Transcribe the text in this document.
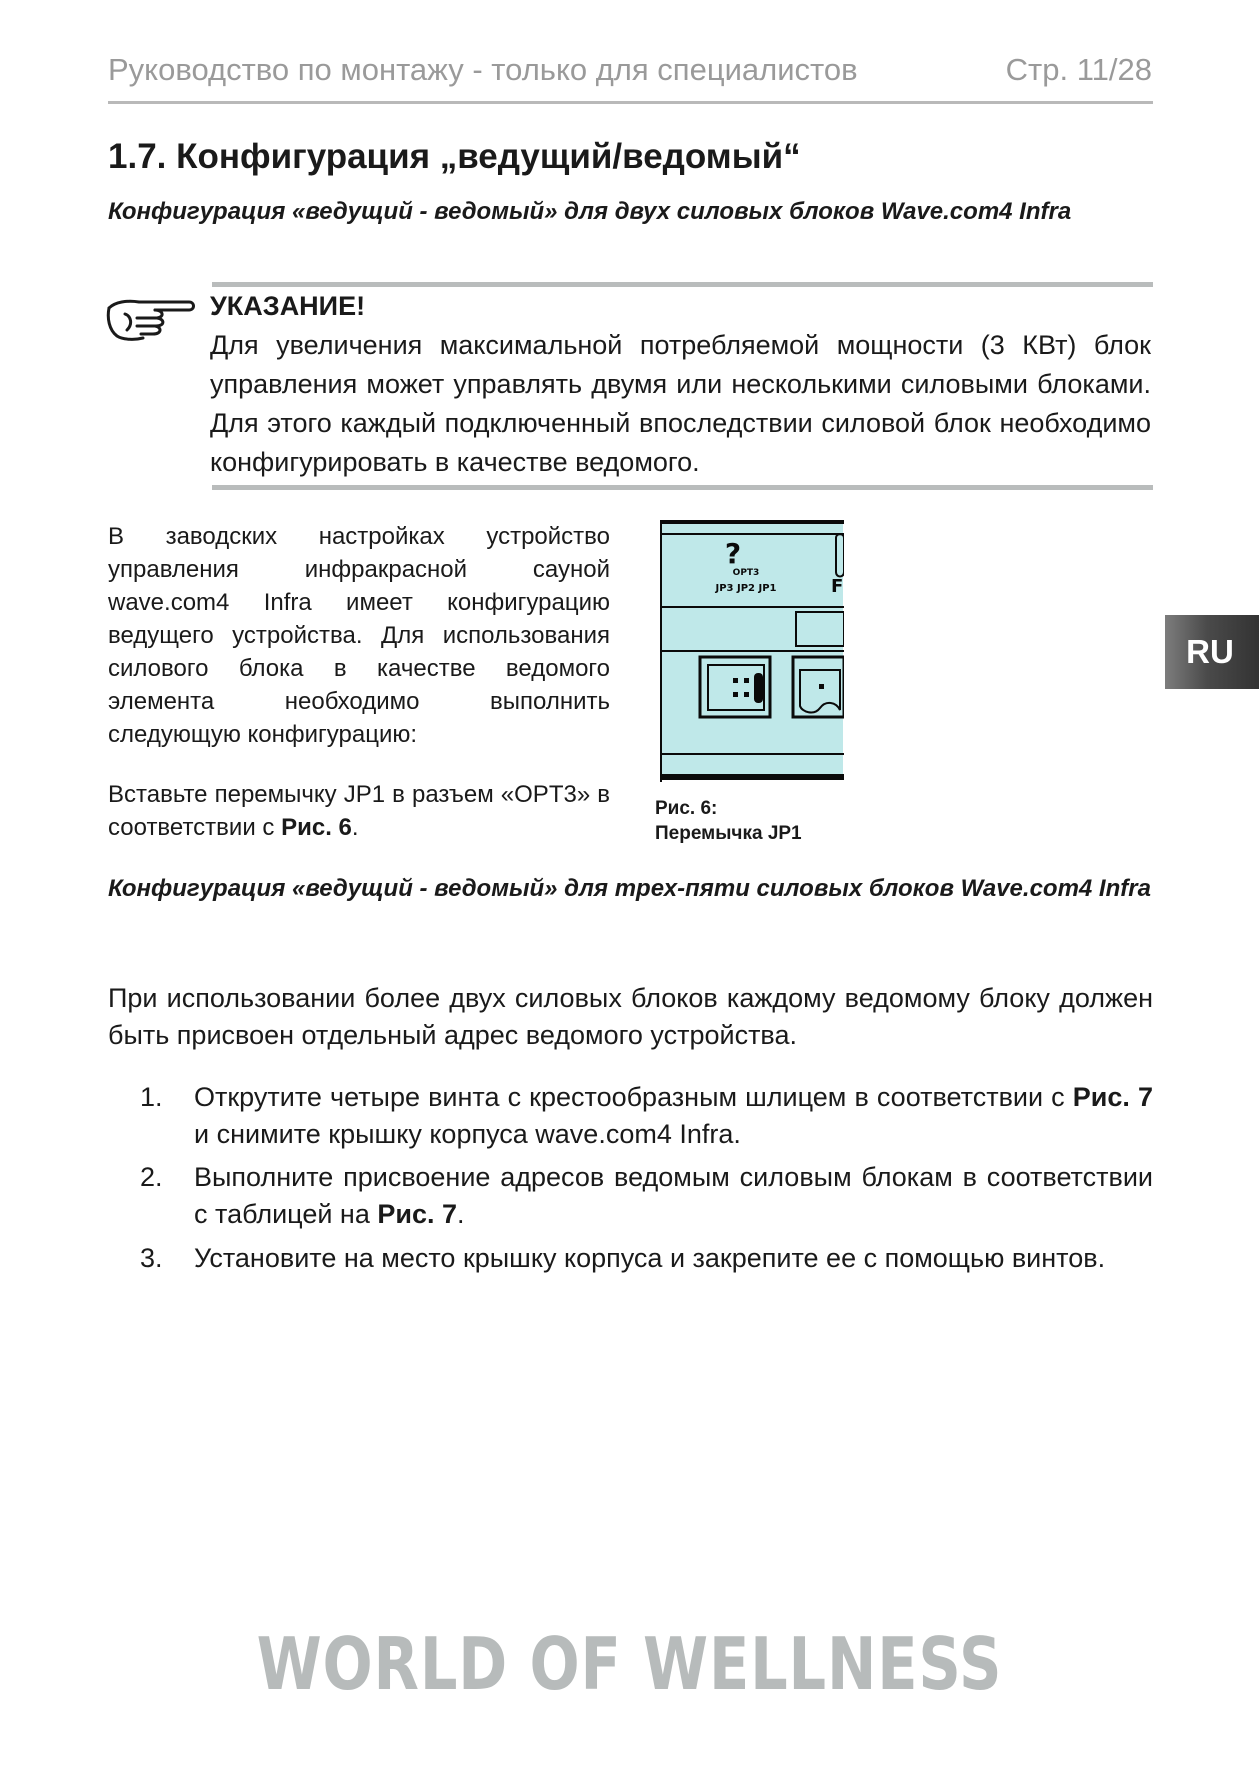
Руководство по монтажу - только для специалистов	Стр. 11/28
1.7. Конфигурация „ведущий/ведомый“
Конфигурация «ведущий - ведомый» для двух силовых блоков Wave.com4 Infra
УКАЗАНИЕ!
Для увеличения максимальной потребляемой мощности (3 КВт) блок управления может управлять двумя или несколькими силовыми блоками. Для этого каждый подключенный впоследствии силовой блок необходимо конфигурировать в качестве ведомого.
В заводских настройках устройство управления инфракрасной сауной wave.com4 Infra имеет конфигурацию ведущего устройства. Для использования силового блока в качестве ведомого элемента необходимо выполнить следующую конфигурацию:
Вставьте перемычку JP1 в разъем «OPT3» в соответствии с Рис. 6.
?
OPT3
JP3 JP2 JP1	F
Рис. 6:
Перемычка JP1
RU
Конфигурация «ведущий - ведомый» для трех-пяти силовых блоков Wave.com4 Infra
При использовании более двух силовых блоков каждому ведомому блоку должен быть присвоен отдельный адрес ведомого устройства.
1. Открутите четыре винта с крестообразным шлицем в соответствии с Рис. 7 и снимите крышку корпуса wave.com4 Infra.
2. Выполните присвоение адресов ведомым силовым блокам в соответствии с таблицей на Рис. 7.
3. Установите на место крышку корпуса и закрепите ее с помощью винтов.
WORLD OF WELLNESS
